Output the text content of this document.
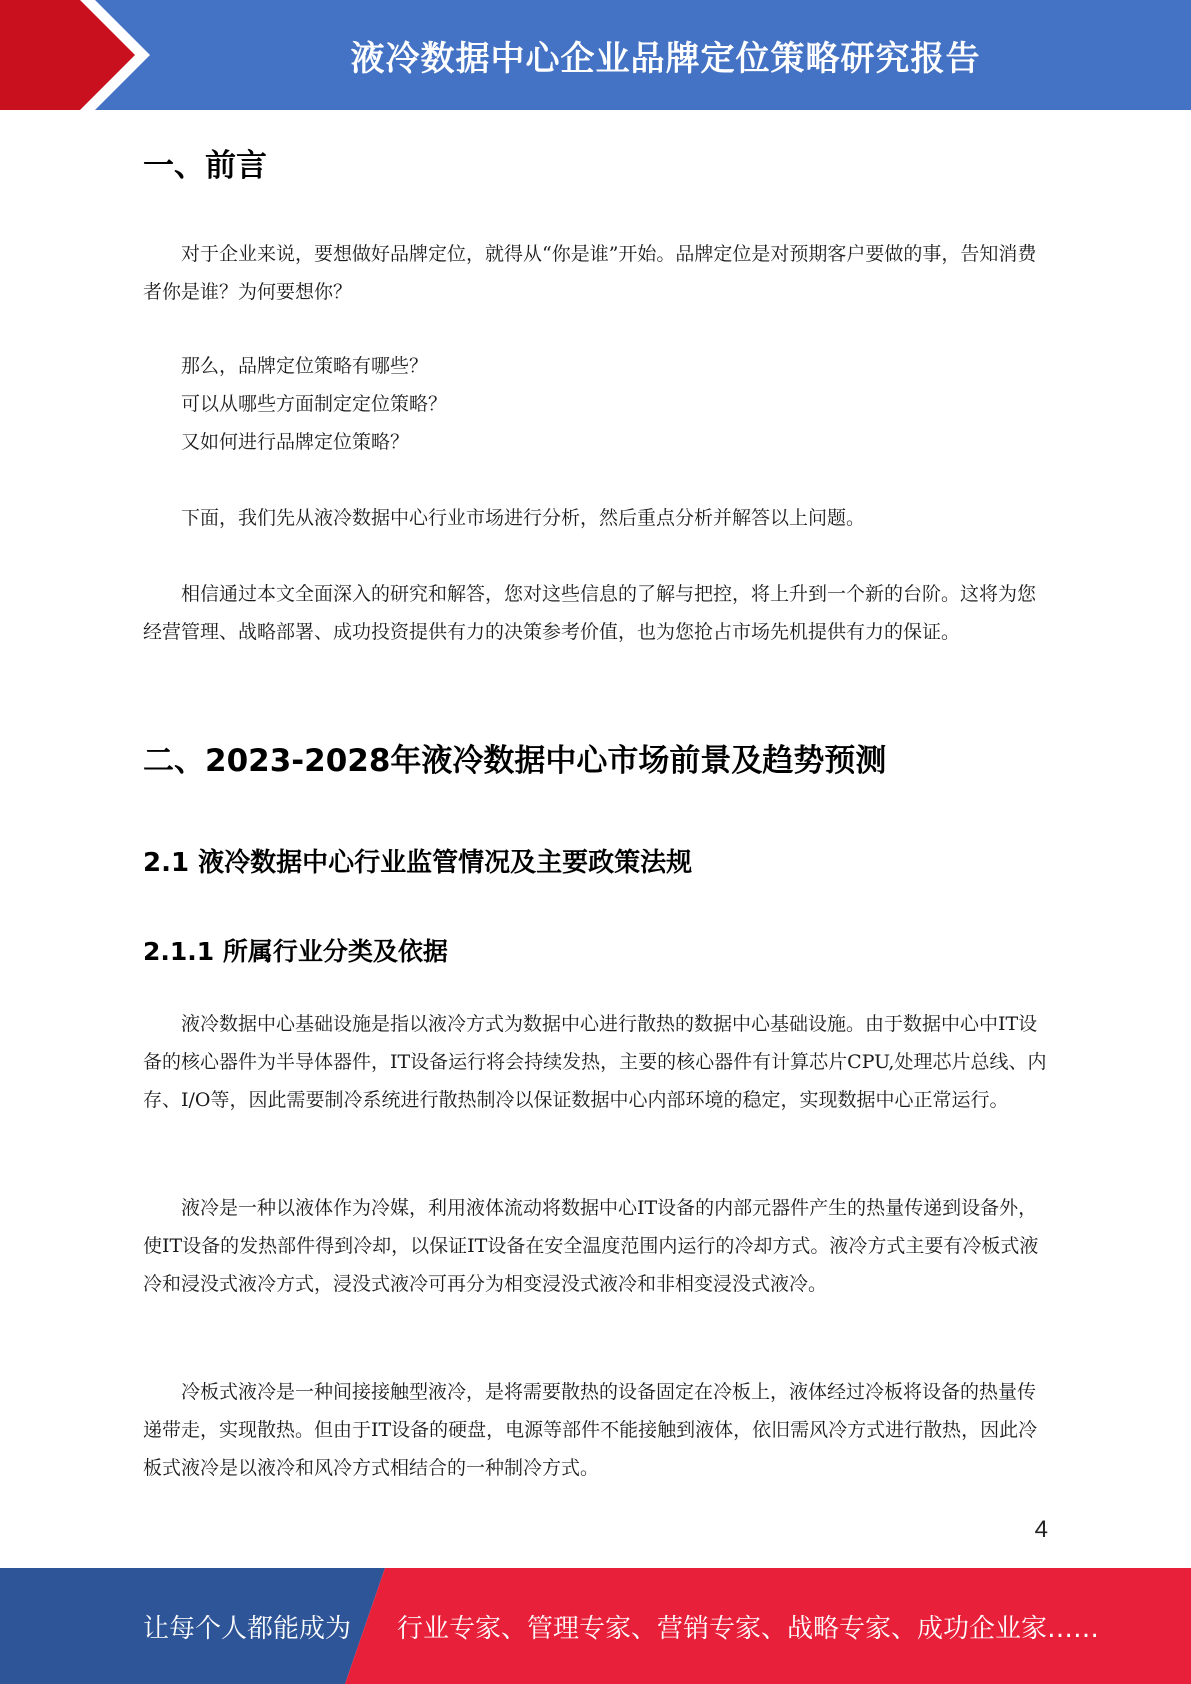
液冷数据中心企业品牌定位策略研究报告
一、前言

对于企业来说，要想做好品牌定位，就得从“你是谁”开始。品牌定位是对预期客户要做的事，告知消费者你是谁？为何要想你？

那么，品牌定位策略有哪些？

可以从哪些方面制定定位策略？

又如何进行品牌定位策略？

下面，我们先从液冷数据中心行业市场进行分析，然后重点分析并解答以上问题。

相信通过本文全面深入的研究和解答，您对这些信息的了解与把控，将上升到一个新的台阶。这将为您经营管理、战略部署、成功投资提供有力的决策参考价值，也为您抢占市场先机提供有力的保证。

二、2023-2028年液冷数据中心市场前景及趋势预测
2.1 液冷数据中心行业监管情况及主要政策法规
2.1.1 所属行业分类及依据

液冷数据中心基础设施是指以液冷方式为数据中心进行散热的数据中心基础设施。由于数据中心中IT设备的核心器件为半导体器件，IT设备运行将会持续发热，主要的核心器件有计算芯片CPU,处理芯片总线、内存、I/O等，因此需要制冷系统进行散热制冷以保证数据中心内部环境的稳定，实现数据中心正常运行。

液冷是一种以液体作为冷媒，利用液体流动将数据中心IT设备的内部元器件产生的热量传递到设备外，使IT设备的发热部件得到冷却，以保证IT设备在安全温度范围内运行的冷却方式。液冷方式主要有冷板式液冷和浸没式液冷方式，浸没式液冷可再分为相变浸没式液冷和非相变浸没式液冷。

冷板式液冷是一种间接接触型液冷，是将需要散热的设备固定在冷板上，液体经过冷板将设备的热量传递带走，实现散热。但由于IT设备的硬盘，电源等部件不能接触到液体，依旧需风冷方式进行散热，因此冷板式液冷是以液冷和风冷方式相结合的一种制冷方式。

4
让每个人都能成为 行业专家、管理专家、营销专家、战略专家、成功企业家……
